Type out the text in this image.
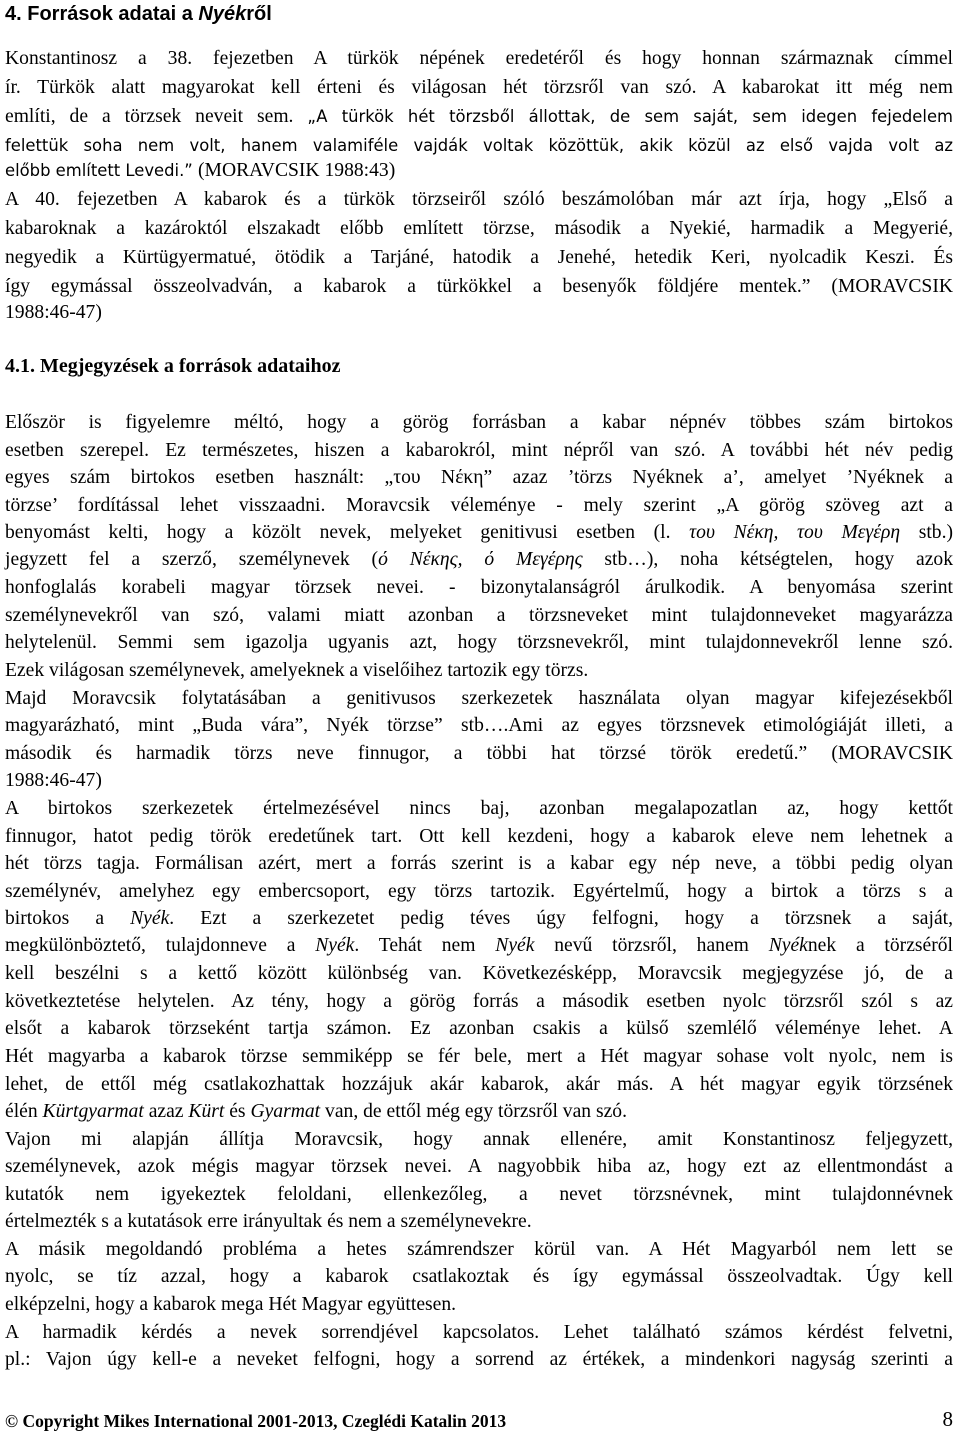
4. Források adatai a Nyékről
Konstantinosz a 38. fejezetben A türkök népének eredetéről és hogy honnan származnak címmel
ír. Türkök alatt magyarokat kell érteni és világosan hét törzsről van szó. A kabarokat itt még nem
említi, de a törzsek neveit sem. „A türkök hét törzsből állottak, de sem saját, sem idegen fejedelem
felettük soha nem volt, hanem valamiféle vajdák voltak közöttük, akik közül az első vajda volt az
előbb említett Levedi.” (MORAVCSIK 1988:43)
A 40. fejezetben A kabarok és a türkök törzseiről szóló beszámolóban már azt írja, hogy „Első a
kabaroknak a kazároktól elszakadt előbb említett törzse, második a Nyekié, harmadik a Megyerié,
negyedik a Kürtügyermatué, ötödik a Tarjáné, hatodik a Jenehé, hetedik Keri, nyolcadik Keszi. És
így egymással összeolvadván, a kabarok a türkökkel a besenyők földjére mentek.” (MORAVCSIK
1988:46-47)
Először is figyelemre méltó, hogy a görög forrásban a kabar népnév többes szám birtokos
esetben szerepel. Ez természetes, hiszen a kabarokról, mint népről van szó. A további hét név pedig
egyes szám birtokos esetben használt: „του Νέκη” azaz ’törzs Nyéknek a’, amelyet ’Nyéknek a
törzse’ fordítással lehet visszaadni. Moravcsik véleménye - mely szerint „A görög szöveg azt a
benyomást kelti, hogy a közölt nevek, melyeket genitivusi esetben (l. του Νέκη, του Μεγέρη stb.)
jegyzett fel a szerző, személynevek (ό Νέκης, ό Μεγέρης stb…), noha kétségtelen, hogy azok
honfoglalás korabeli magyar törzsek nevei. - bizonytalanságról árulkodik. A benyomása szerint
személynevekről van szó, valami miatt azonban a törzsneveket mint tulajdonneveket magyarázza
helytelenül. Semmi sem igazolja ugyanis azt, hogy törzsnevekről, mint tulajdonnevekről lenne szó.
Ezek világosan személynevek, amelyeknek a viselőihez tartozik egy törzs.
Majd Moravcsik folytatásában a genitivusos szerkezetek használata olyan magyar kifejezésekből
magyarázható, mint „Buda vára”, Nyék törzse” stb….Ami az egyes törzsnevek etimológiáját illeti, a
második és harmadik törzs neve finnugor, a többi hat törzsé török eredetű.” (MORAVCSIK
1988:46-47)
A birtokos szerkezetek értelmezésével nincs baj, azonban megalapozatlan az, hogy kettőt
finnugor, hatot pedig török eredetűnek tart. Ott kell kezdeni, hogy a kabarok eleve nem lehetnek a
hét törzs tagja. Formálisan azért, mert a forrás szerint is a kabar egy nép neve, a többi pedig olyan
személynév, amelyhez egy embercsoport, egy törzs tartozik. Egyértelmű, hogy a birtok a törzs s a
birtokos a Nyék. Ezt a szerkezetet pedig téves úgy felfogni, hogy a törzsnek a saját,
megkülönböztető, tulajdonneve a Nyék. Tehát nem Nyék nevű törzsről, hanem Nyéknek a törzséről
kell beszélni s a kettő között különbség van. Következésképp, Moravcsik megjegyzése jó, de a
következtetése helytelen. Az tény, hogy a görög forrás a második esetben nyolc törzsről szól s az
elsőt a kabarok törzseként tartja számon. Ez azonban csakis a külső szemlélő véleménye lehet. A
Hét magyarba a kabarok törzse semmiképp se fér bele, mert a Hét magyar sohase volt nyolc, nem is
lehet, de ettől még csatlakozhattak hozzájuk akár kabarok, akár más. A hét magyar egyik törzsének
élén Kürtgyarmat azaz Kürt és Gyarmat van, de ettől még egy törzsről van szó.
Vajon mi alapján állítja Moravcsik, hogy annak ellenére, amit Konstantinosz feljegyzett,
személynevek, azok mégis magyar törzsek nevei. A nagyobbik hiba az, hogy ezt az ellentmondást a
kutatók nem igyekeztek feloldani, ellenkezőleg, a nevet törzsnévnek, mint tulajdonnévnek
értelmezték s a kutatások erre irányultak és nem a személynevekre.
A másik megoldandó probléma a hetes számrendszer körül van. A Hét Magyarból nem lett se
nyolc, se tíz azzal, hogy a kabarok csatlakoztak és így egymással összeolvadtak. Úgy kell
elképzelni, hogy a kabarok mega Hét Magyar együttesen.
A harmadik kérdés a nevek sorrendjével kapcsolatos. Lehet található számos kérdést felvetni,
pl.: Vajon úgy kell-e a neveket felfogni, hogy a sorrend az értékek, a mindenkori nagyság szerinti a
4.1. Megjegyzések a források adataihoz
© Copyright Mikes International 2001-2013, Czeglédi Katalin 2013	8
